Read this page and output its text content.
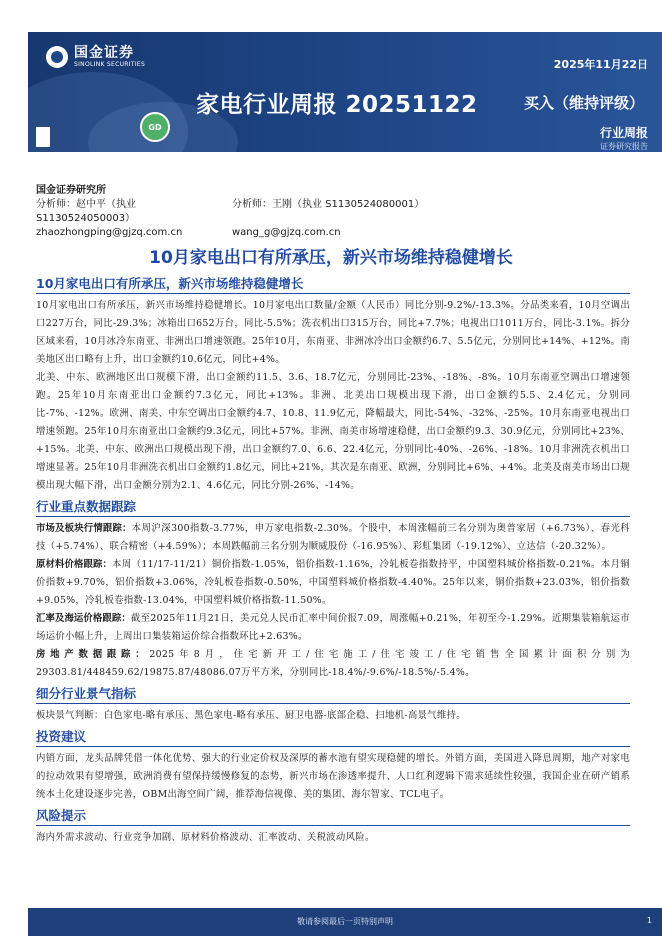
国金证券
SINOLINK SECURITIES	2025年11月22日
家电行业周报 20251122	买入（维持评级）
行业周报
证券研究报告
GD
国金证券研究所
分析师：赵中平（执业 S1130524050003）
分析师：王刚（执业 S1130524080001）
zhaozhongping@gjzq.com.cn	wang_g@gjzq.com.cn
10月家电出口有所承压，新兴市场维持稳健增长
10月家电出口有所承压，新兴市场维持稳健增长

10月家电出口有所承压，新兴市场维持稳健增长。10月家电出口数量/金额（人民币）同比分别-9.2%/-13.3%。分品类来看，10月空调出口227万台，同比-29.3%；冰箱出口652万台，同比-5.5%；洗衣机出口315万台，同比+7.7%；电视出口1011万台，同比-3.1%。拆分区域来看，10月冰冷东南亚、非洲出口增速领跑。25年10月，东南亚、非洲冰冷出口金额约6.7、5.5亿元，分别同比+14%、+12%。南美地区出口略有上升，出口金额约10.6亿元，同比+4%。

北美、中东、欧洲地区出口规模下滑，出口金额约11.5、3.6、18.7亿元，分别同比-23%、-18%、-8%。10月东南亚空调出口增速领跑。25年10月东南亚出口金额约7.3亿元，同比+13%。非洲、北美出口规模出现下滑，出口金额约5.5、2.4亿元，分别同比-7%、-12%。欧洲、南美、中东空调出口金额约4.7、10.8、11.9亿元，降幅最大，同比-54%、-32%、-25%。10月东南亚电视出口增速领跑。25年10月东南亚出口金额约9.3亿元，同比+57%。非洲、南美市场增速稳健，出口金额约9.3、30.9亿元，分别同比+23%、+15%。北美、中东、欧洲出口规模出现下滑，出口金额约7.0、6.6、22.4亿元，分别同比-40%、-26%、-18%。10月非洲洗衣机出口增速显著。25年10月非洲洗衣机出口金额约1.8亿元，同比+21%，其次是东南亚、欧洲，分别同比+6%、+4%。北美及南美市场出口规模出现大幅下滑，出口金额分别为2.1、4.6亿元，同比分别-26%、-14%。

行业重点数据跟踪

市场及板块行情跟踪：本周沪深300指数-3.77%，申万家电指数-2.30%。个股中，本周涨幅前三名分别为奥普家居（+6.73%）、春光科技（+5.74%）、联合精密（+4.59%）；本周跌幅前三名分别为顺威股份（-16.95%）、彩虹集团（-19.12%）、立达信（-20.32%）。

原材料价格跟踪：本周（11/17-11/21）铜价指数-1.05%，铝价指数-1.16%，冷轧板卷指数持平，中国塑料城价格指数-0.21%。本月铜价指数+9.70%，铝价指数+3.06%，冷轧板卷指数-0.50%，中国塑料城价格指数-4.40%。25年以来，铜价指数+23.03%，铝价指数+9.05%，冷轧板卷指数-13.04%，中国塑料城价格指数-11.50%。

汇率及海运价格跟踪：截至2025年11月21日，美元兑人民币汇率中间价报7.09，周涨幅+0.21%，年初至今-1.29%。近期集装箱航运市场运价小幅上升，上周出口集装箱运价综合指数环比+2.63%。

房地产数据跟踪：2025年8月，住宅新开工/住宅施工/住宅竣工/住宅销售全国累计面积分别为29303.81/448459.62/19875.87/48086.07万平方米，分别同比-18.4%/-9.6%/-18.5%/-5.4%。

细分行业景气指标

板块景气判断：白色家电-略有承压、黑色家电-略有承压、厨卫电器-底部企稳、扫地机-高景气维持。

投资建议

内销方面，龙头品牌凭借一体化优势、强大的行业定价权及深厚的蓄水池有望实现稳健的增长。外销方面，美国进入降息周期，地产对家电的拉动效果有望增强，欧洲消费有望保持缓慢修复的态势，新兴市场在渗透率提升、人口红利逻辑下需求延续性较强，我国企业在研产销系统本土化建设逐步完善，OBM出海空间广阔，推荐海信视像、美的集团、海尔智家、TCL电子。

风险提示

海内外需求波动、行业竞争加剧、原材料价格波动、汇率波动、关税波动风险。

敬请参阅最后一页特别声明	1
